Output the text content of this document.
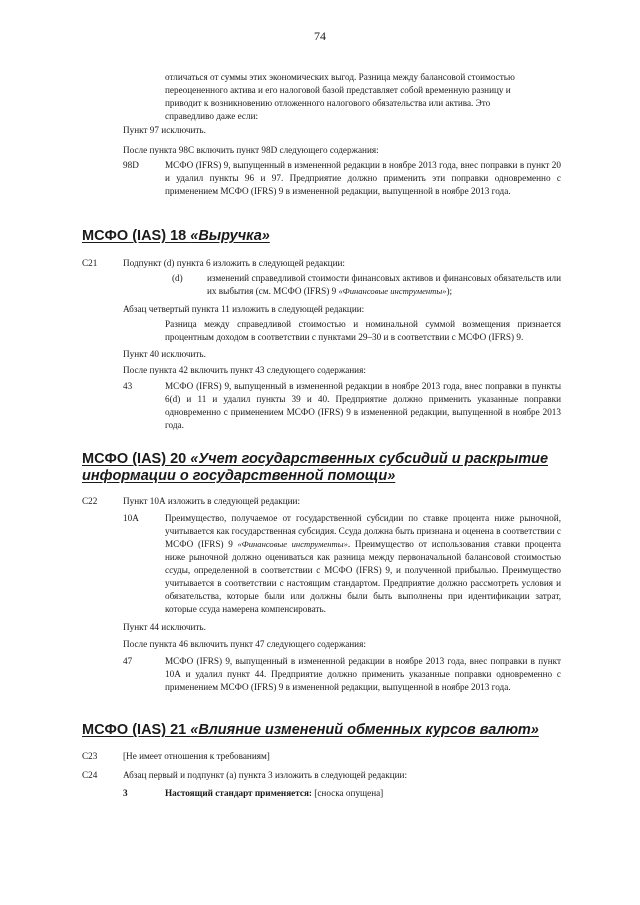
74
отличаться от суммы этих экономических выгод. Разница между балансовой стоимостью
переоцененного актива и его налоговой базой представляет собой временную разницу и
приводит к возникновению отложенного налогового обязательства или актива. Это
справедливо даже если:
Пункт 97 исключить.
После пункта 98С включить пункт 98D следующего содержания:
98D	МСФО (IFRS) 9, выпущенный в измененной редакции в ноябре 2013 года, внес поправки в пункт 20 и удалил пункты 96 и 97. Предприятие должно применить эти поправки одновременно с применением МСФО (IFRS) 9 в измененной редакции, выпущенной в ноябре 2013 года.
МСФО (IAS) 18 «Выручка»
C21	Подпункт (d) пункта 6 изложить в следующей редакции:
(d)	изменений справедливой стоимости финансовых активов и финансовых обязательств или их выбытия (см. МСФО (IFRS) 9 «Финансовые инструменты»);
Абзац четвертый пункта 11 изложить в следующей редакции:
Разница между справедливой стоимостью и номинальной суммой возмещения признается процентным доходом в соответствии с пунктами 29–30 и в соответствии с МСФО (IFRS) 9.
Пункт 40 исключить.
После пункта 42 включить пункт 43 следующего содержания:
43	МСФО (IFRS) 9, выпущенный в измененной редакции в ноябре 2013 года, внес поправки в пункты 6(d) и 11 и удалил пункты 39 и 40. Предприятие должно применить указанные поправки одновременно с применением МСФО (IFRS) 9 в измененной редакции, выпущенной в ноябре 2013 года.
МСФО (IAS) 20 «Учет государственных субсидий и раскрытие
информации о государственной помощи»
C22	Пункт 10А изложить в следующей редакции:
10А	Преимущество, получаемое от государственной субсидии по ставке процента ниже рыночной, учитывается как государственная субсидия. Ссуда должна быть признана и оценена в соответствии с МСФО (IFRS) 9 «Финансовые инструменты». Преимущество от использования ставки процента ниже рыночной должно оцениваться как разница между первоначальной балансовой стоимостью ссуды, определенной в соответствии с МСФО (IFRS) 9, и полученной прибылью. Преимущество учитывается в соответствии с настоящим стандартом. Предприятие должно рассмотреть условия и обязательства, которые были или должны были быть выполнены при идентификации затрат, которые ссуда намерена компенсировать.
Пункт 44 исключить.
После пункта 46 включить пункт 47 следующего содержания:
47	МСФО (IFRS) 9, выпущенный в измененной редакции в ноябре 2013 года, внес поправки в пункт 10А и удалил пункт 44. Предприятие должно применить указанные поправки одновременно с применением МСФО (IFRS) 9 в измененной редакции, выпущенной в ноябре 2013 года.
МСФО (IAS) 21 «Влияние изменений обменных курсов валют»
C23	[Не имеет отношения к требованиям]
C24	Абзац первый и подпункт (а) пункта 3 изложить в следующей редакции:
3	Настоящий стандарт применяется: [сноска опущена]
